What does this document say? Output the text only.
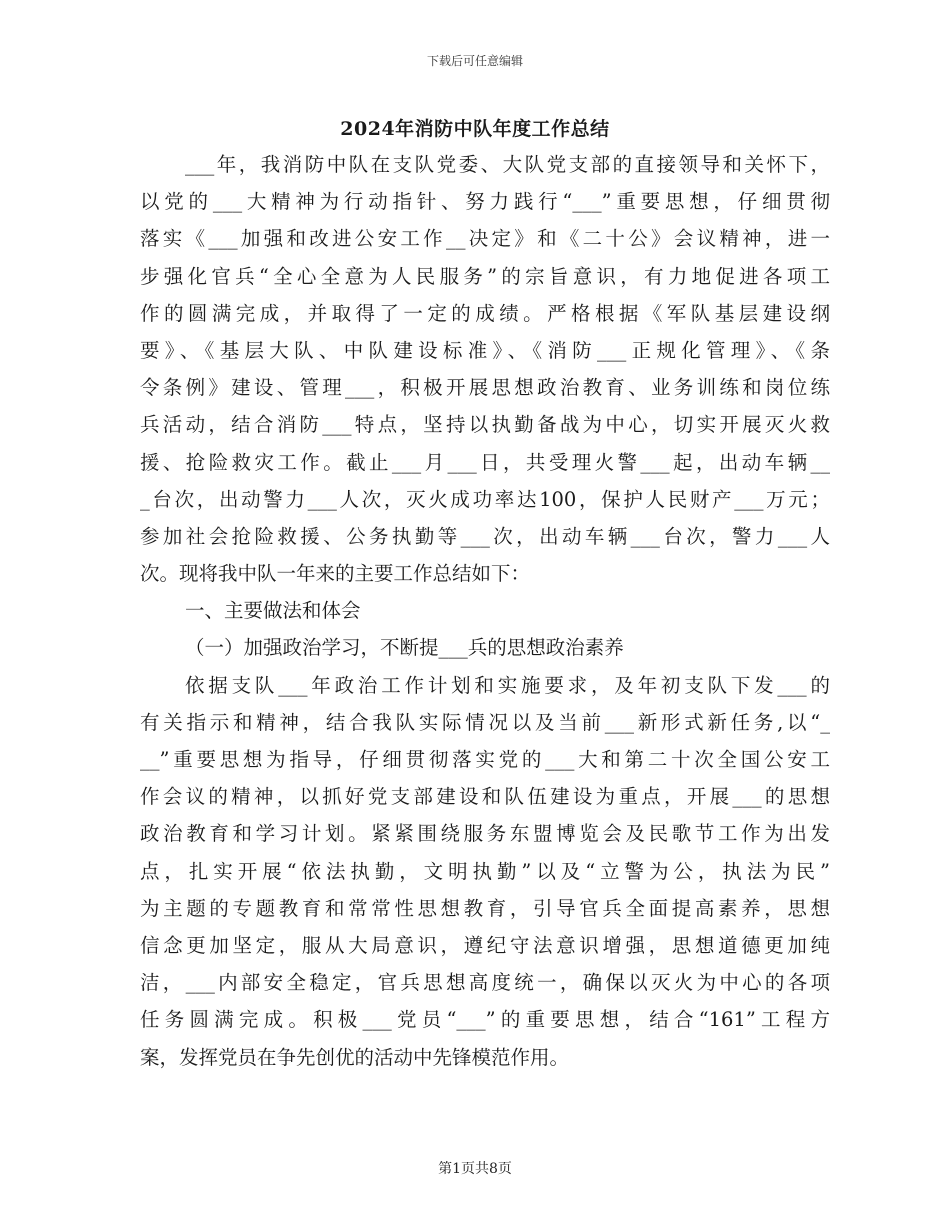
下载后可任意编辑
2024年消防中队年度工作总结
___年，我消防中队在支队党委、大队党支部的直接领导和关怀下，
以党的___大精神为行动指针、努力践行“___”重要思想，仔细贯彻
落实《___加强和改进公安工作__决定》和《二十公》会议精神，进一
步强化官兵“全心全意为人民服务”的宗旨意识，有力地促进各项工
作的圆满完成，并取得了一定的成绩。严格根据《军队基层建设纲
要》、《基层大队、中队建设标准》、《消防___正规化管理》、《条
令条例》建设、管理___，积极开展思想政治教育、业务训练和岗位练
兵活动，结合消防___特点，坚持以执勤备战为中心，切实开展灭火救
援、抢险救灾工作。截止___月___日，共受理火警___起，出动车辆__
_台次，出动警力___人次，灭火成功率达100，保护人民财产___万元；
参加社会抢险救援、公务执勤等___次，出动车辆___台次，警力___人
次。现将我中队一年来的主要工作总结如下：
一、主要做法和体会
（一）加强政治学习，不断提___兵的思想政治素养
依据支队___年政治工作计划和实施要求，及年初支队下发___的
有关指示和精神，结合我队实际情况以及当前___新形式新任务,以“_
__”重要思想为指导，仔细贯彻落实党的___大和第二十次全国公安工
作会议的精神，以抓好党支部建设和队伍建设为重点，开展___的思想
政治教育和学习计划。紧紧围绕服务东盟博览会及民歌节工作为出发
点，扎实开展“依法执勤，文明执勤”以及“立警为公，执法为民”
为主题的专题教育和常常性思想教育，引导官兵全面提高素养，思想
信念更加坚定，服从大局意识，遵纪守法意识增强，思想道德更加纯
洁，___内部安全稳定，官兵思想高度统一，确保以灭火为中心的各项
任务圆满完成。积极___党员“___”的重要思想，结合“161”工程方
案，发挥党员在争先创优的活动中先锋模范作用。
第1页共8页
